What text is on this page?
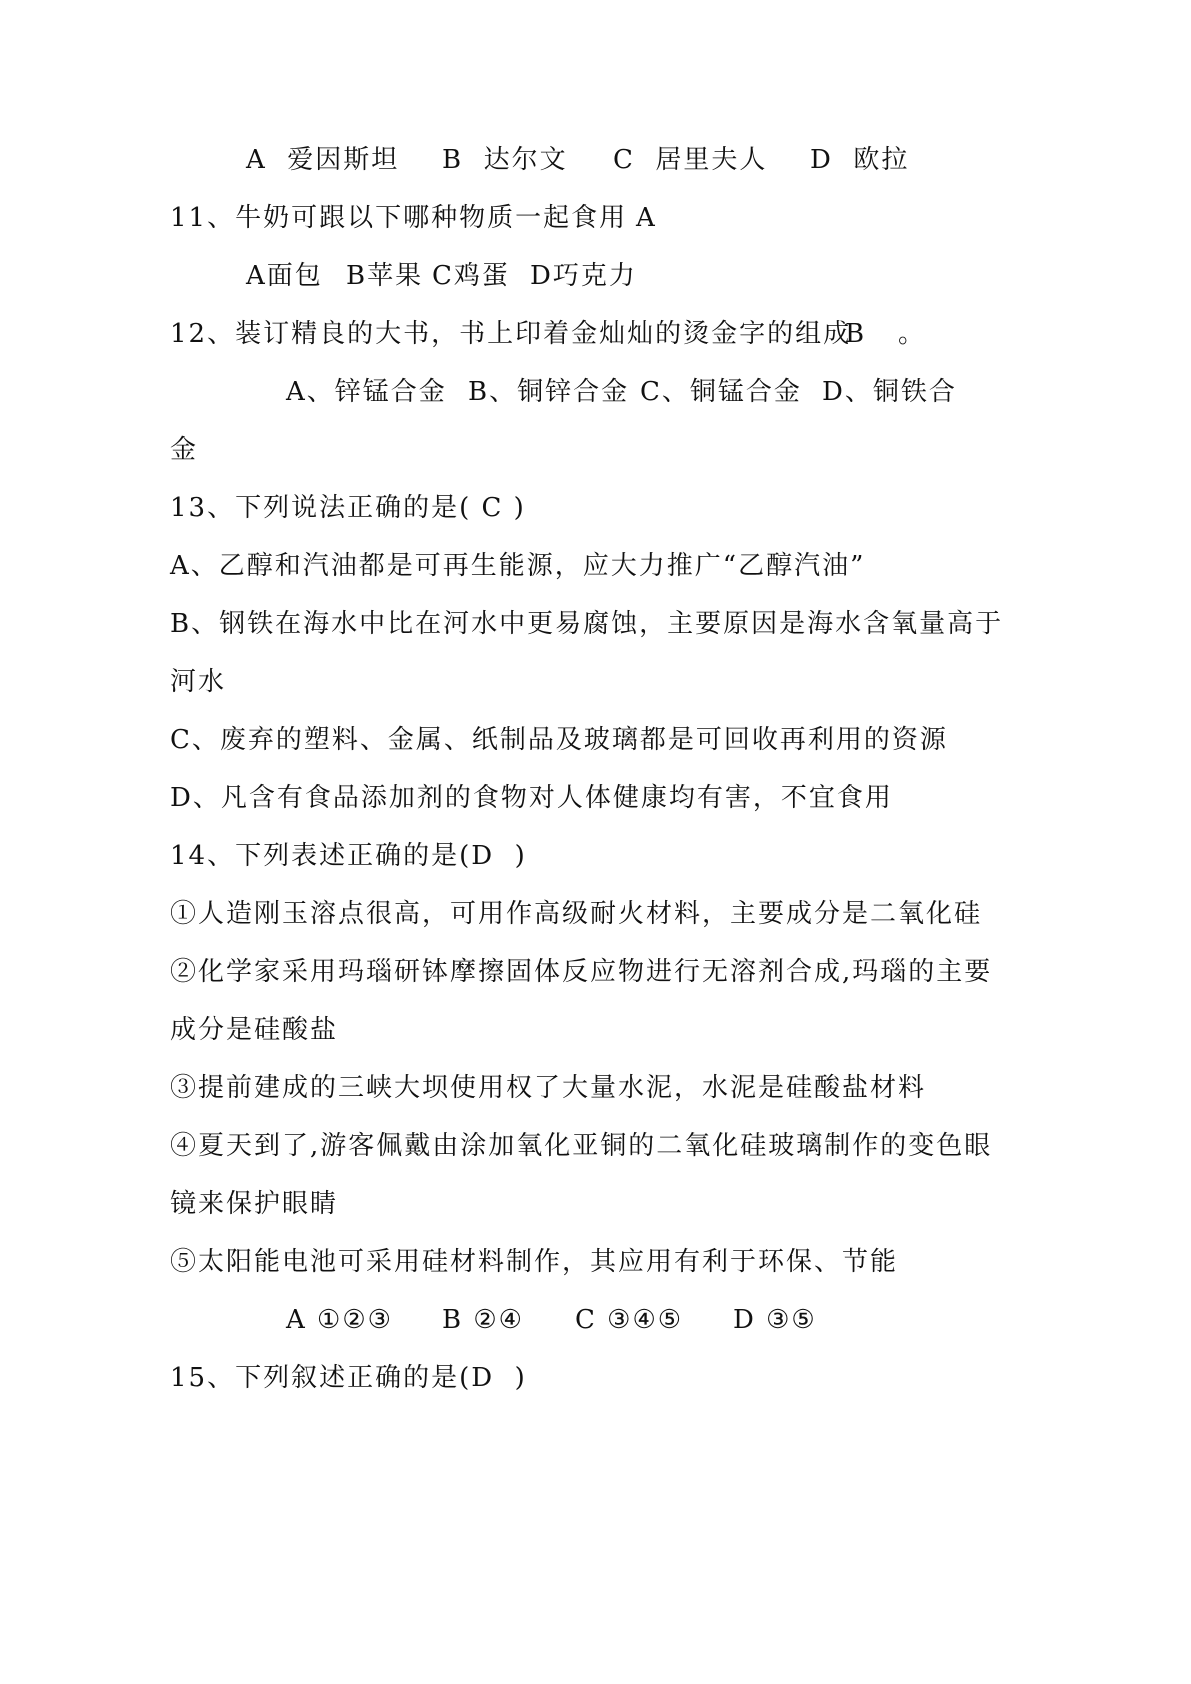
A  爱因斯坦 B  达尔文 C  居里夫人 D  欧拉
11、牛奶可跟以下哪种物质一起食用 A
A面包 B苹果 C鸡蛋 D巧克力
12、装订精良的大书，书上印着金灿灿的烫金字的组成
B 。
A、锌锰合金 B、铜锌合金 C、铜锰合金 D、铜铁合
金
13、下列说法正确的是( C )
A、乙醇和汽油都是可再生能源，应大力推广“乙醇汽油”
B、钢铁在海水中比在河水中更易腐蚀，主要原因是海水含氧量高于
河水
C、废弃的塑料、金属、纸制品及玻璃都是可回收再利用的资源
D、凡含有食品添加剂的食物对人体健康均有害，不宜食用
14、下列表述正确的是(D  )
①人造刚玉溶点很高，可用作高级耐火材料，主要成分是二氧化硅
②化学家采用玛瑙研钵摩擦固体反应物进行无溶剂合成,玛瑙的主要
成分是硅酸盐
③提前建成的三峡大坝使用权了大量水泥，水泥是硅酸盐材料
④夏天到了,游客佩戴由涂加氧化亚铜的二氧化硅玻璃制作的变色眼
镜来保护眼睛
⑤太阳能电池可采用硅材料制作，其应用有利于环保、节能
A ①②③ B ②④ C ③④⑤ D ③⑤
15、下列叙述正确的是(D  )
